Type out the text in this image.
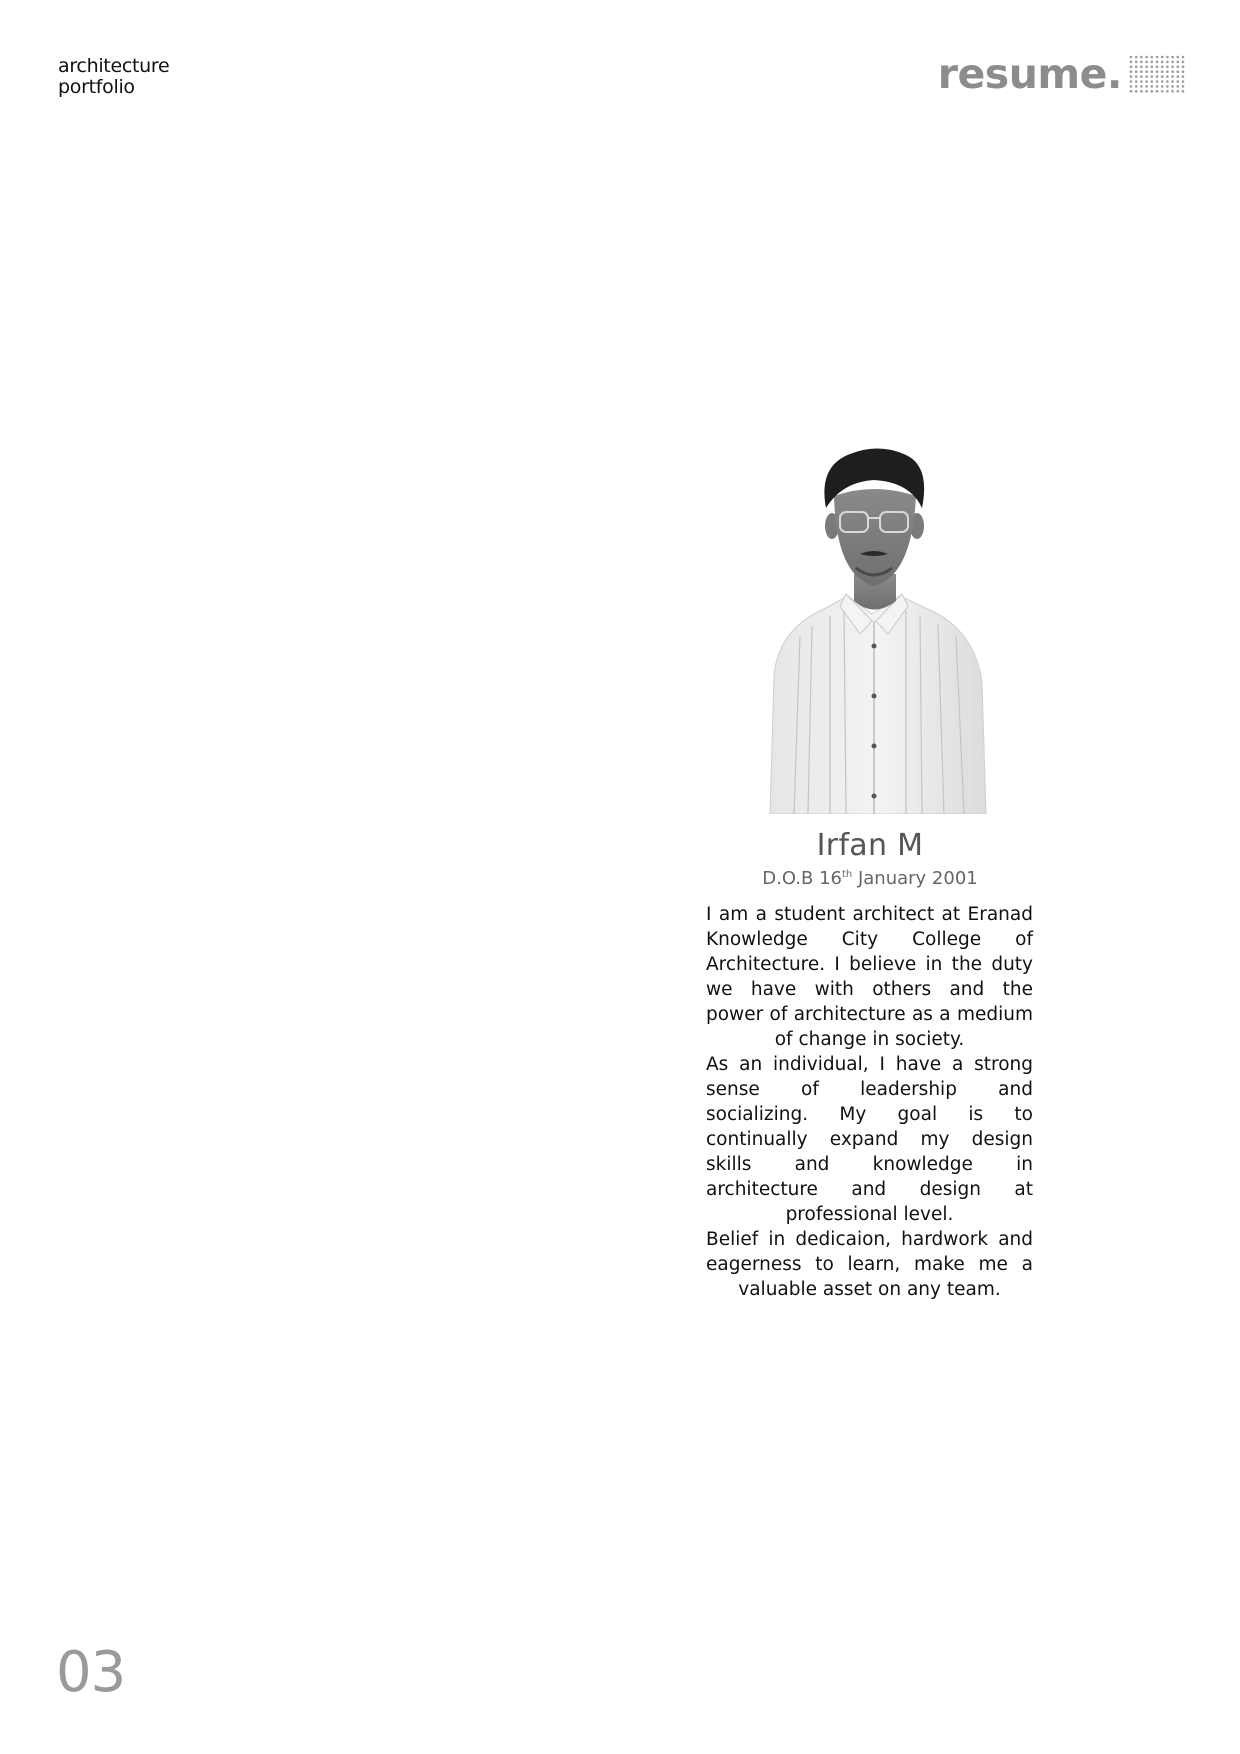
architecture
portfolio	resume.
Irfan M
D.O.B 16th January 2001

I am a student architect at Eranad Knowledge City College of Architecture. I believe in the duty we have with others and the power of architecture as a medium of change in society.

As an individual, I have a strong sense of leadership and socializing. My goal is to continually expand my design skills and knowledge in architecture and design at professional level.

Belief in dedicaion, hardwork and eagerness to learn, make me a valuable asset on any team.

03
